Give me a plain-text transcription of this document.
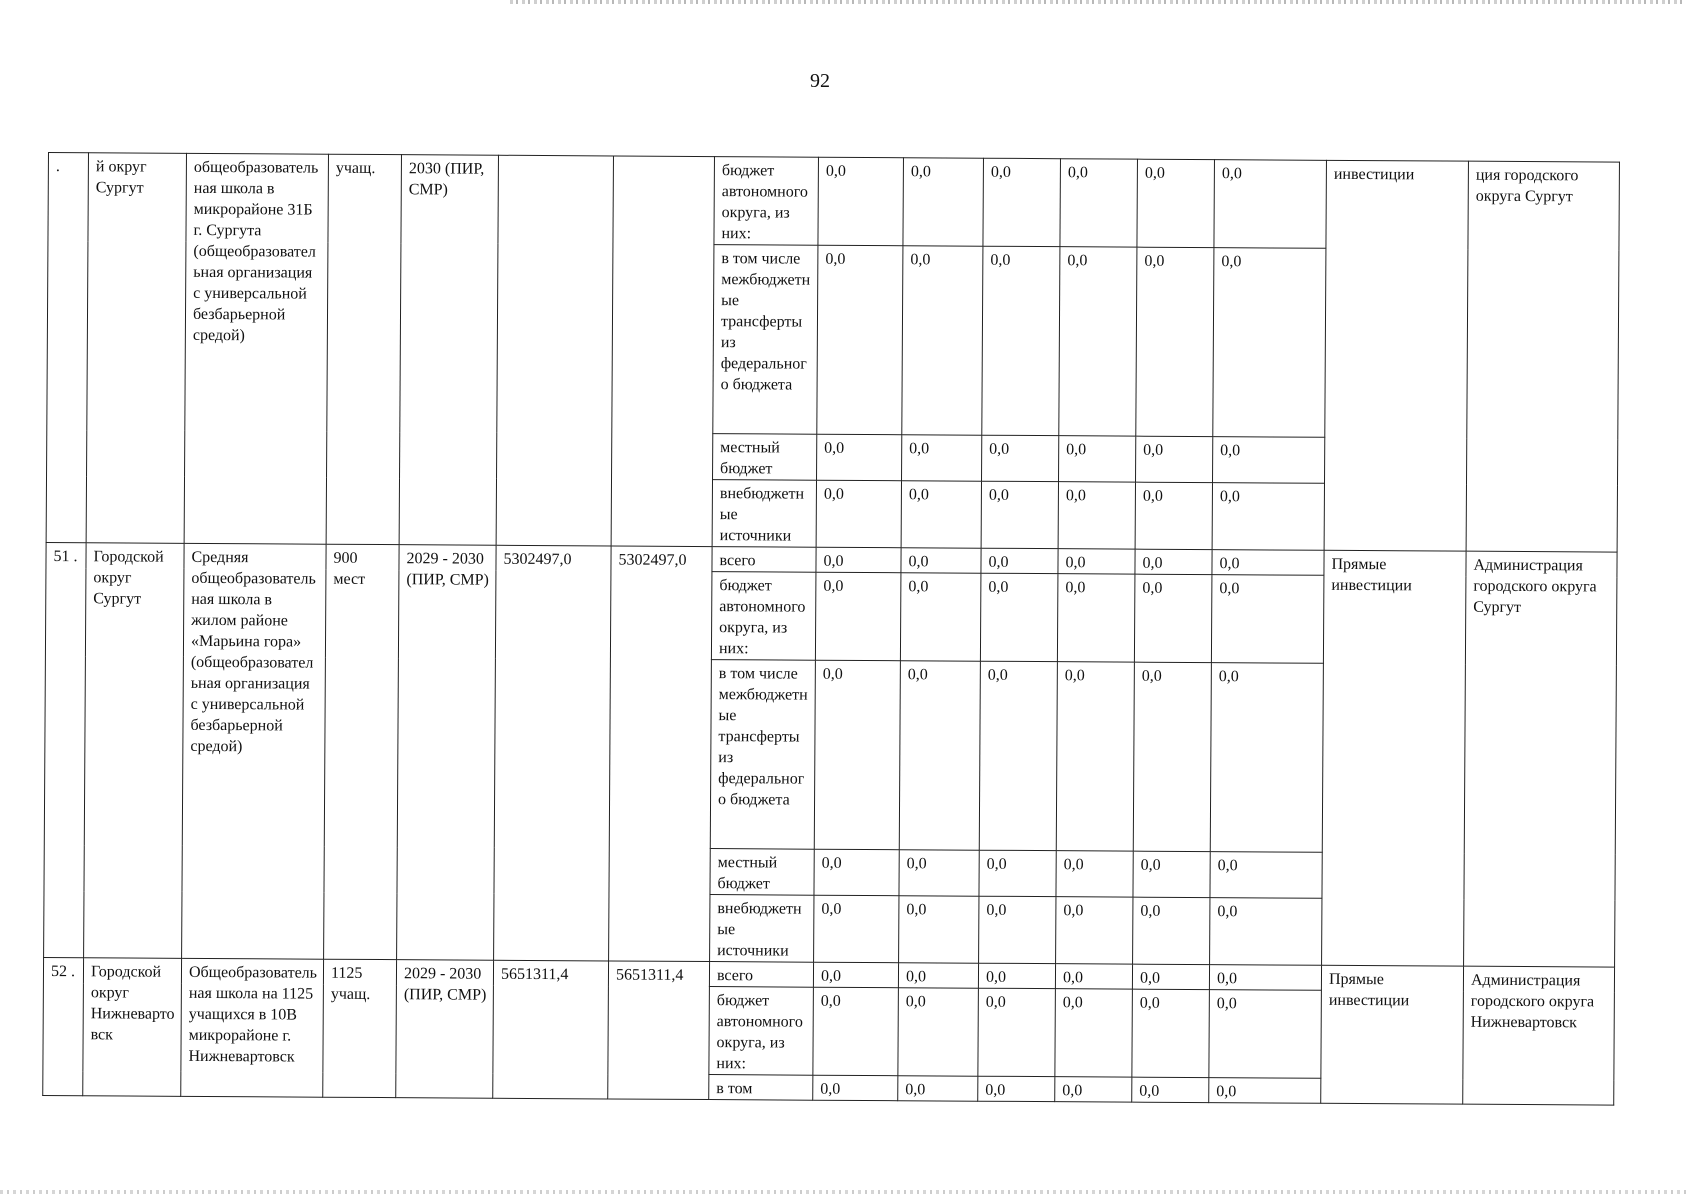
92
.	й округ Сургут	общеобразовательная школа в микрорайоне 31Б г. Сургута (общеобразовательная организация с универсальной безбарьерной средой)	учащ.	2030 (ПИР, СМР)			бюджет автономного округа, из них:	0,0	0,0	0,0	0,0	0,0	0,0	инвестиции	ция городского округа Сургут
							в том числе межбюджетные трансферты из федерального бюджета	0,0	0,0	0,0	0,0	0,0	0,0		
							местный бюджет	0,0	0,0	0,0	0,0	0,0	0,0		
							внебюджетные источники	0,0	0,0	0,0	0,0	0,0	0,0		
51 .	Городской округ Сургут	Средняя общеобразовательная школа в жилом районе «Марьина гора» (общеобразовательная организация с универсальной безбарьерной средой)	900 мест	2029 - 2030 (ПИР, СМР)	5302497,0	5302497,0	всего	0,0	0,0	0,0	0,0	0,0	0,0	Прямые инвестиции	Администрация городского округа Сургут
							бюджет автономного округа, из них:	0,0	0,0	0,0	0,0	0,0	0,0		
							в том числе межбюджетные трансферты из федерального бюджета	0,0	0,0	0,0	0,0	0,0	0,0		
							местный бюджет	0,0	0,0	0,0	0,0	0,0	0,0		
							внебюджетные источники	0,0	0,0	0,0	0,0	0,0	0,0		
52 .	Городской округ Нижневартовск	Общеобразовательная школа на 1125 учащихся в 10В микрорайоне г. Нижневартовск	1125 учащ.	2029 - 2030 (ПИР, СМР)	5651311,4	5651311,4	всего	0,0	0,0	0,0	0,0	0,0	0,0	Прямые инвестиции	Администрация городского округа Нижневартовск
							бюджет автономного округа, из них:	0,0	0,0	0,0	0,0	0,0	0,0		
							в том	0,0	0,0	0,0	0,0	0,0	0,0		
